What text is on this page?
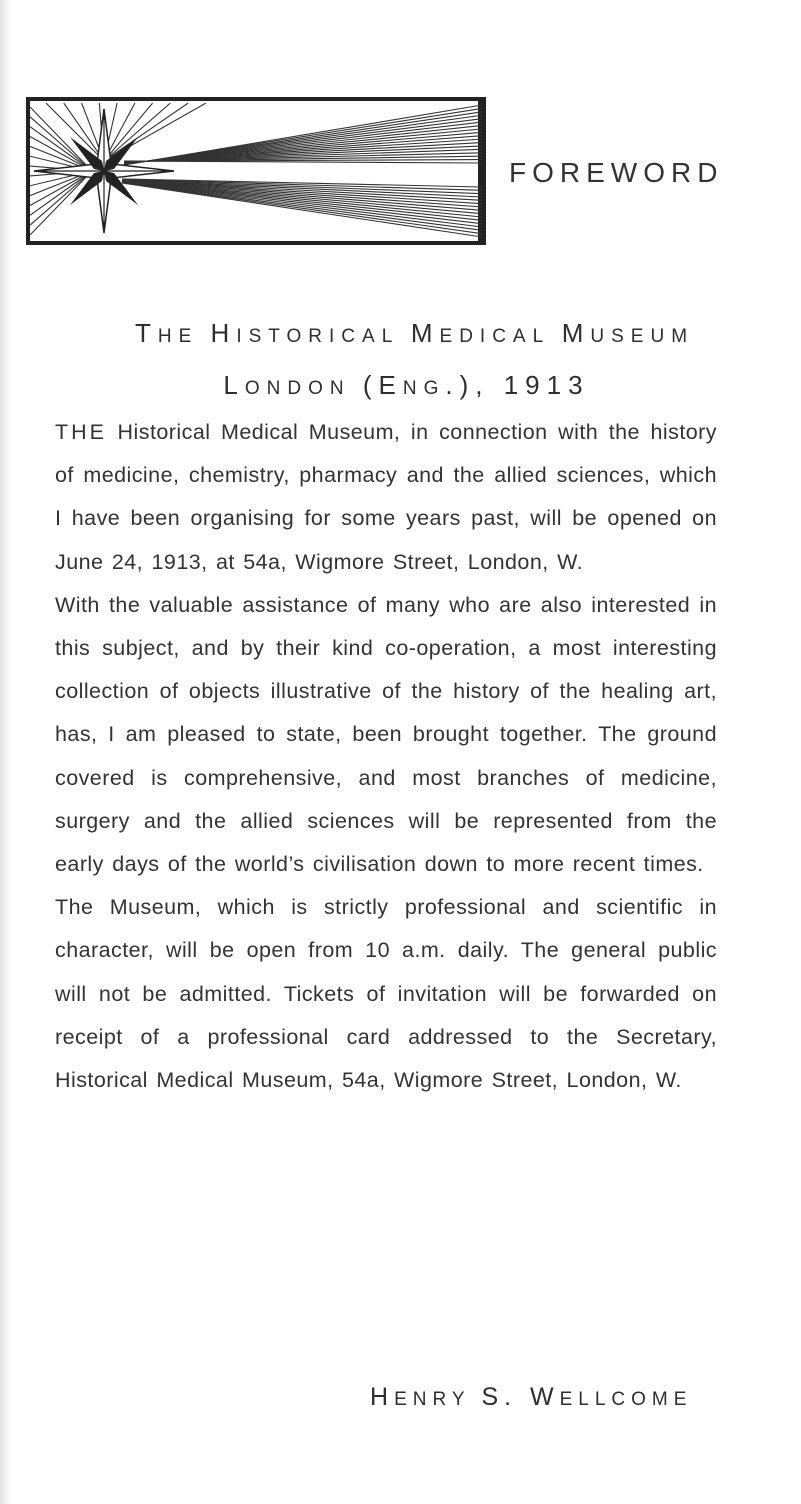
FOREWORD
THE HISTORICAL MEDICAL MUSEUM
LONDON (ENG.), 1913

THE Historical Medical Museum, in connection with the history of medicine, chemistry, pharmacy and the allied sciences, which I have been organising for some years past, will be opened on June 24, 1913, at 54a, Wigmore Street, London, W.

With the valuable assistance of many who are also interested in this subject, and by their kind co-operation, a most interesting collection of objects illustrative of the history of the healing art, has, I am pleased to state, been brought together. The ground covered is comprehensive, and most branches of medicine, surgery and the allied sciences will be represented from the early days of the world’s civilisation down to more recent times.

The Museum, which is strictly professional and scientific in character, will be open from 10 a.m. daily. The general public will not be admitted. Tickets of invitation will be forwarded on receipt of a professional card addressed to the Secretary, Historical Medical Museum, 54a, Wigmore Street, London, W.

HENRY S. WELLCOME
